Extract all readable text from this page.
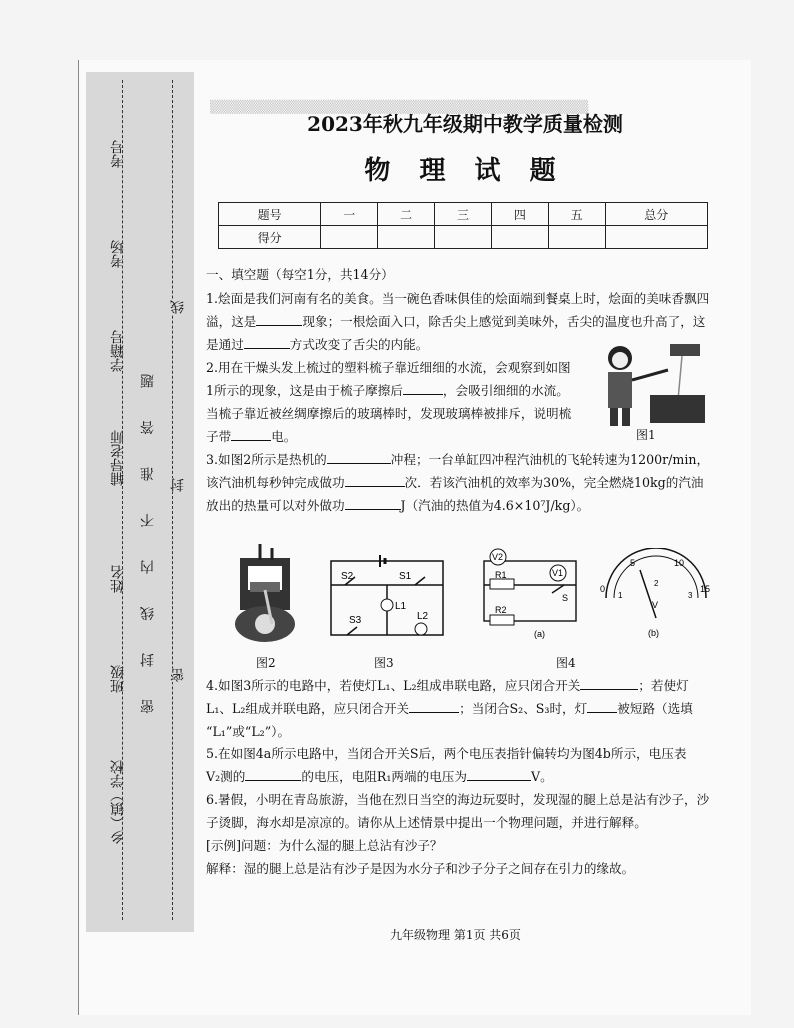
考号
考场
学籍号
辅导老师
姓名
班级
乡（镇）学校
密 封 线 内 不 准 答 题
线
封
密
▒▒▒▒▒▒▒▒▒▒▒▒▒▒▒▒▒▒▒▒▒▒▒▒▒▒▒▒▒▒▒▒▒▒▒▒▒▒▒▒▒
2023年秋九年级期中教学质量检测
物 理 试 题
题号	一	二	三	四	五	总分
得分						
一、填空题（每空1分，共14分）
1.烩面是我们河南有名的美食。当一碗色香味俱佳的烩面端到餐桌上时，烩面的美味香飘四
溢，这是	现象；一根烩面入口，除舌尖上感觉到美味外，舌尖的温度也升高了，这
是通过	方式改变了舌尖的内能。
2.用在干燥头发上梳过的塑料梳子靠近细细的水流，会观察到如图
1所示的现象，这是由于梳子摩擦后	，会吸引细细的水流。
当梳子靠近被丝绸摩擦后的玻璃棒时，发现玻璃棒被排斥，说明梳
子带	电。	图1
3.如图2所示是热机的	冲程；一台单缸四冲程汽油机的飞轮转速为1200r/min，
该汽油机每秒钟完成做功	次．若该汽油机的效率为30%，完全燃烧10kg的汽油
放出的热量可以对外做功	J（汽油的热值为4.6×10⁷J/kg）。
图2
S2	S1
L1
S3	L2
图3
V2
V1
R1
R2
S
(a)
0
5	10
15
1
2
3
V
(b)
图4
4.如图3所示的电路中，若使灯L₁、L₂组成串联电路，应只闭合开关	；若使灯
L₁、L₂组成并联电路，应只闭合开关	；当闭合S₂、S₃时，灯 被短路（选填
“L₁”或“L₂”）。
5.在如图4a所示电路中，当闭合开关S后，两个电压表指针偏转均为图4b所示，电压表
V₂测的	的电压，电阻R₁两端的电压为	V。
6.暑假，小明在青岛旅游，当他在烈日当空的海边玩耍时，发现湿的腿上总是沾有沙子，沙
子烫脚，海水却是凉凉的。请你从上述情景中提出一个物理问题，并进行解释。
[示例]问题：为什么湿的腿上总沾有沙子？
解释：湿的腿上总是沾有沙子是因为水分子和沙子分子之间存在引力的缘故。
九年级物理 第1页 共6页
